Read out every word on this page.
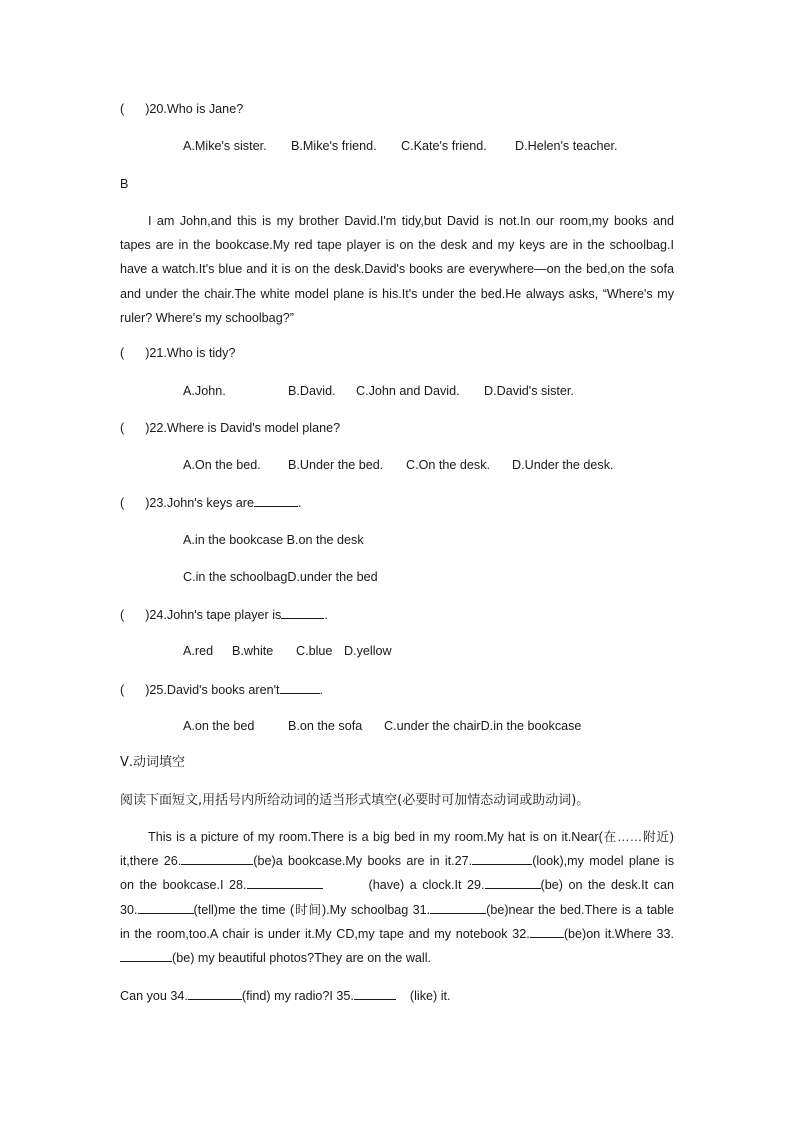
(      )20.Who is Jane?
A.Mike's sister. B.Mike's friend. C.Kate's friend. D.Helen's teacher.
B

I am John,and this is my brother David.I'm tidy,but David is not.In our room,my books and tapes are in the bookcase.My red tape player is on the desk and my keys are in the schoolbag.I have a watch.It's blue and it is on the desk.David's books are everywhere—on the bed,on the sofa and under the chair.The white model plane is his.It's under the bed.He always asks, “Where's my ruler? Where's my schoolbag?”

(      )21.Who is tidy?
A.John.	B.David. C.John and David. D.David's sister.
(      )22.Where is David's model plane?
A.On the bed. B.Under the bed. C.On the desk. D.Under the desk.
(      )23.John's keys are	.
A.in the bookcase B.on the desk
C.in the schoolbagD.under the bed
(      )24.John's tape player is	.
A.red B.white C.blue D.yellow
(      )25.David's books aren't	.
A.on the bed	B.on the sofa C.under the chairD.in the bookcase
Ⅴ.动词填空
阅读下面短文,用括号内所给动词的适当形式填空(必要时可加情态动词或助动词)。

This is a picture of my room.There is a big bed in my room.My hat is on it.Near(在……附近) it,there 26.	(be)a bookcase.My books are in it.27.	(look),my model plane is on the bookcase.I 28.	(have) a clock.It 29.	(be) on the desk.It can 30.	(tell)me the time (时间).My schoolbag 31.	(be)near the bed.There is a table in the room,too.A chair is under it.My CD,my tape and my notebook 32.	(be)on it.Where 33.(be) my beautiful photos?They are on the wall.

Can you 34.	(find) my radio?I 35.	(like) it.
